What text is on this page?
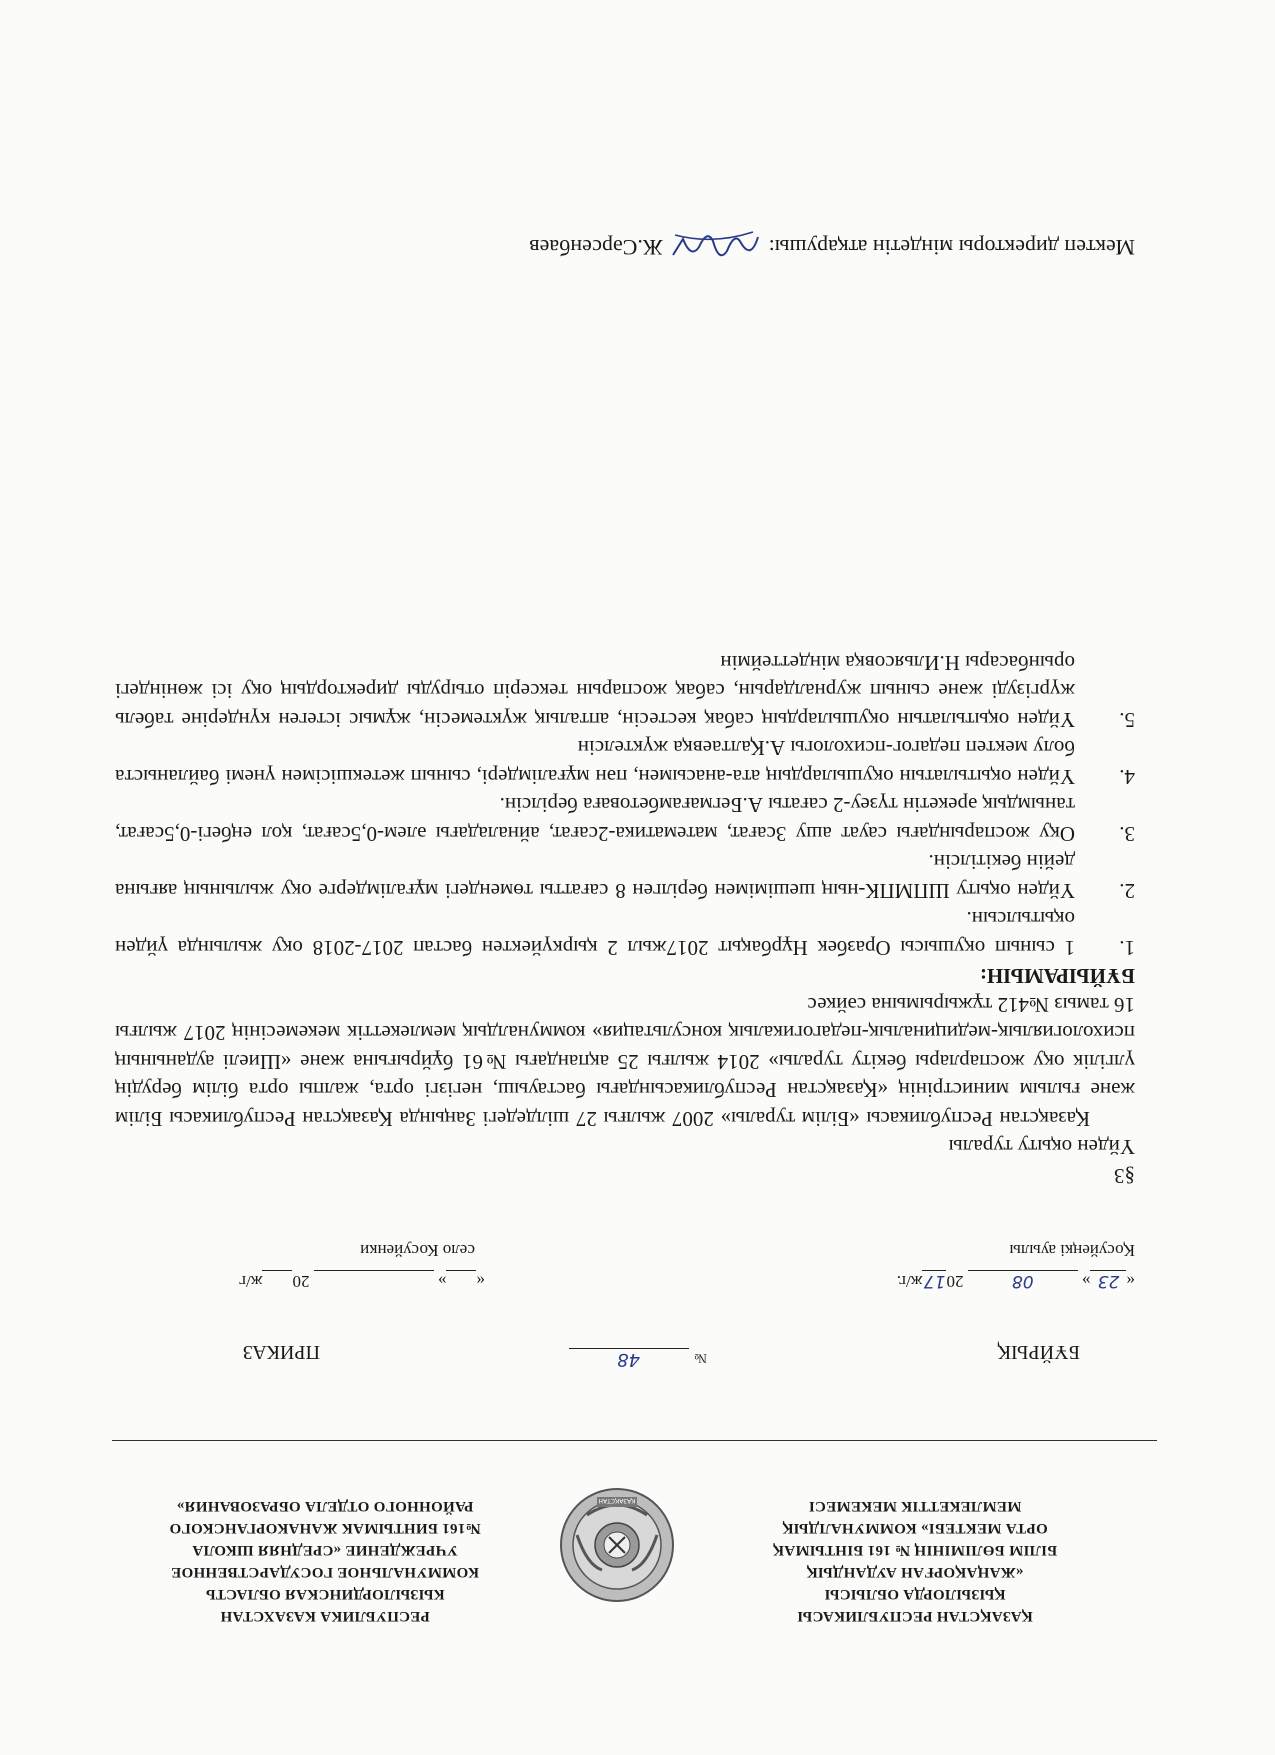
ҚАЗАҚСТАН РЕСПУБЛИКАСЫ
ҚЫЗЫЛОРДА ОБЛЫСЫ
«ЖАҢАҚОРҒАН АУДАНДЫҚ
БІЛІМ БӨЛІМІНІҢ № 161 БІНТЫМАҚ
ОРТА МЕКТЕБІ» КОММУНАЛДЫҚ
МЕМЛЕКЕТТІК МЕКЕМЕСІ
ҚАЗАҚСТАН
РЕСПУБЛИКА КАЗАХСТАН
КЫЗЫЛОРДИНСКАЯ ОБЛАСТЬ
КОММУНАЛЬНОЕ ГОСУДАРСТВЕННОЕ
УЧРЕЖДЕНИЕ «СРЕДНЯЯ ШКОЛА
№161 БИНТЫМАК ЖАНАКОРГАНСКОГО
РАЙОННОГО ОТДЕЛА ОБРАЗОВАНИЯ»
БҰЙРЫҚ
№48
ПРИКАЗ
«23» 08 2017ж/г.
« »   20 ж/г
Қосуйеңкі ауылы
село Косуйенки

§3

Үйден оқыту туралы

Қазақстан Республикасы «Білім туралы» 2007 жылғы 27 шілдедегі Заңында Қазақстан Республикасы Білім және ғылым министрінің «Қазақстан Республикасындағы бастауыш, негізгі орта, жалпы орта білім берудің үлгілік оқу жоспарлары бекіту туралы» 2014 жылғы 25 ақпандағы №61 бұйрығына және «Шиелі ауданының психологиялық-медициналық-педагогикалық консультация» коммуналдық мемлекеттік мекемесінің 2017 жылғы 16 тамыз №412 тұжырымына сәйкес

БҰЙЫРАМЫН:

1.
1 сынып оқушысы Оразбек Нұрбақыт 2017жыл 2 қыркүйектен бастап 2017-2018 оқу жылында үйден оқытылсын.
2.
Үйден оқыту ШПМПК-ның шешімімен берілген 8 сағатты төмендегі мұғалімдерге оқу жылының аяғына дейін бекітілсін.
3.
Оқу жоспарындағы сауат ашу 3сағат, математика-2сағат, айналадағы әлем-0,5сағат, қол еңбегі-0,5сағат, танымдық әрекетін түзеу-2 сағаты А.Бегмағамбетоваға берілсін.
4.
Үйден оқытылатын оқушылардың ата-анасымен, пән мұғалімдері, сынып жетекшісімен үнемі байланыста болу мектеп педагог-психологы А.Қалтаевқа жүктелсін
5.
Үйден оқытылатын оқушылардың сабақ кестесін, апталық жүктемесін, жұмыс істеген күндеріне табель жүргізуді және сынып журналдарын, сабақ жоспарын тексеріп отыруды директордың оқу ісі жөніндегі орынбасары Н.Ильясовқа міндеттеймін
Мектеп директоры міндетін атқарушы:  Ж.Сәрсенбаев
